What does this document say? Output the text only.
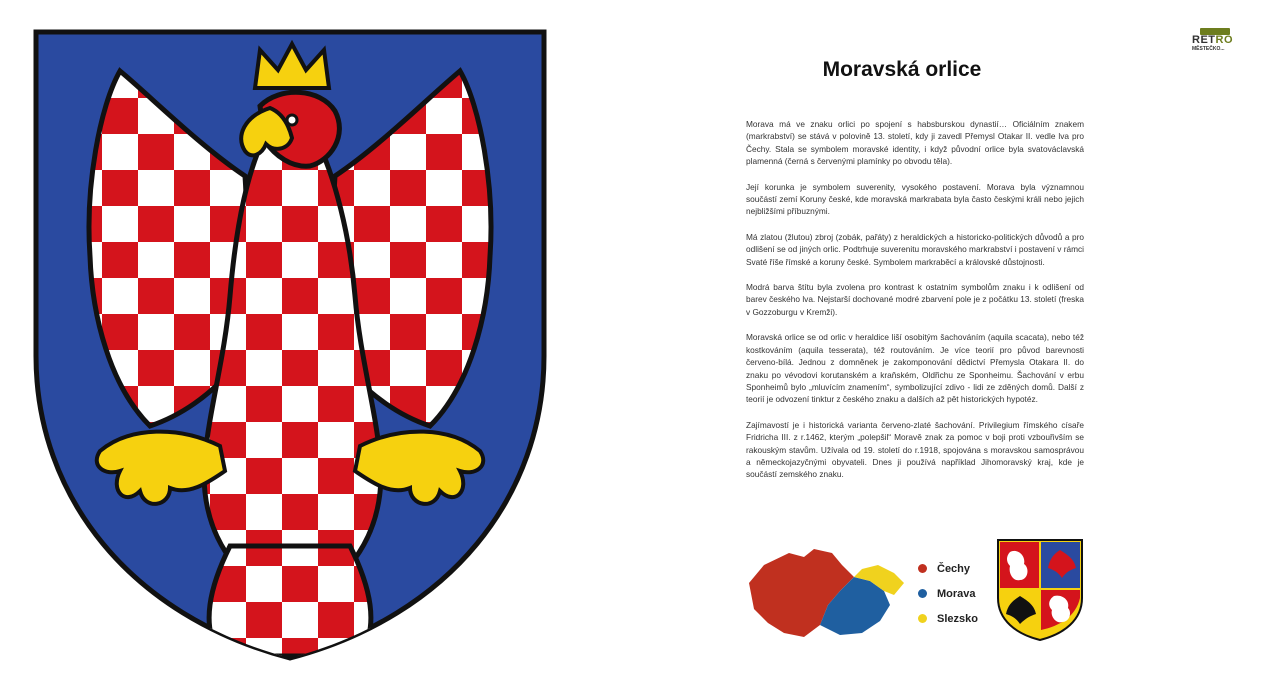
RETRO
MĚSTEČKO...
Moravská orlice

Morava má ve znaku orlici po spojení s habsburskou dynastií… Oficiálním znakem (markrabství) se stává v polovině 13. století, kdy ji zavedl Přemysl Otakar II. vedle lva pro Čechy. Stala se symbolem moravské identity, i když původní orlice byla svatováclavská plamenná (černá s červenými plamínky po obvodu těla).

Její korunka je symbolem suverenity, vysokého postavení. Morava byla významnou součástí zemí Koruny české, kde moravská markrabata byla často českými králi nebo jejich nejbližšími příbuznými.

Má zlatou (žlutou) zbroj (zobák, pařáty) z heraldických a historicko-politických důvodů a pro odlišení se od jiných orlic. Podtrhuje suverenitu moravského markrabství i postavení v rámci Svaté říše římské a koruny české. Symbolem markraběcí a královské důstojnosti.

Modrá barva štítu byla zvolena pro kontrast k ostatním symbolům znaku i k odlišení od barev českého lva. Nejstarší dochované modré zbarvení pole je z počátku 13. století (freska v Gozzoburgu v Kremži).

Moravská orlice se od orlic v heraldice liší osobitým šachováním (aquila scacata), nebo též kostkováním (aquila tesserata), též routováním. Je více teorií pro původ barevnosti červeno-bílá. Jednou z domněnek je zakomponování dědictví Přemysla Otakara II. do znaku po vévodovi korutanském a kraňském, Oldřichu ze Sponheimu. Šachování v erbu Sponheimů bylo „mluvícím znamením“, symbolizující zdivo - lidi ze zděných domů. Další z teorií je odvození tinktur z českého znaku a dalších až pět historických hypotéz.

Zajímavostí je i historická varianta červeno-zlaté šachování. Privilegium římského císaře Fridricha III. z r.1462, kterým „polepšil“ Moravě znak za pomoc v boji proti vzbouřivším se rakouským stavům. Užívala od 19. století do r.1918, spojována s moravskou samosprávou a německojazyčnými obyvateli. Dnes ji používá například Jihomoravský kraj, kde je součástí zemského znaku.

Čechy
Morava
Slezsko
